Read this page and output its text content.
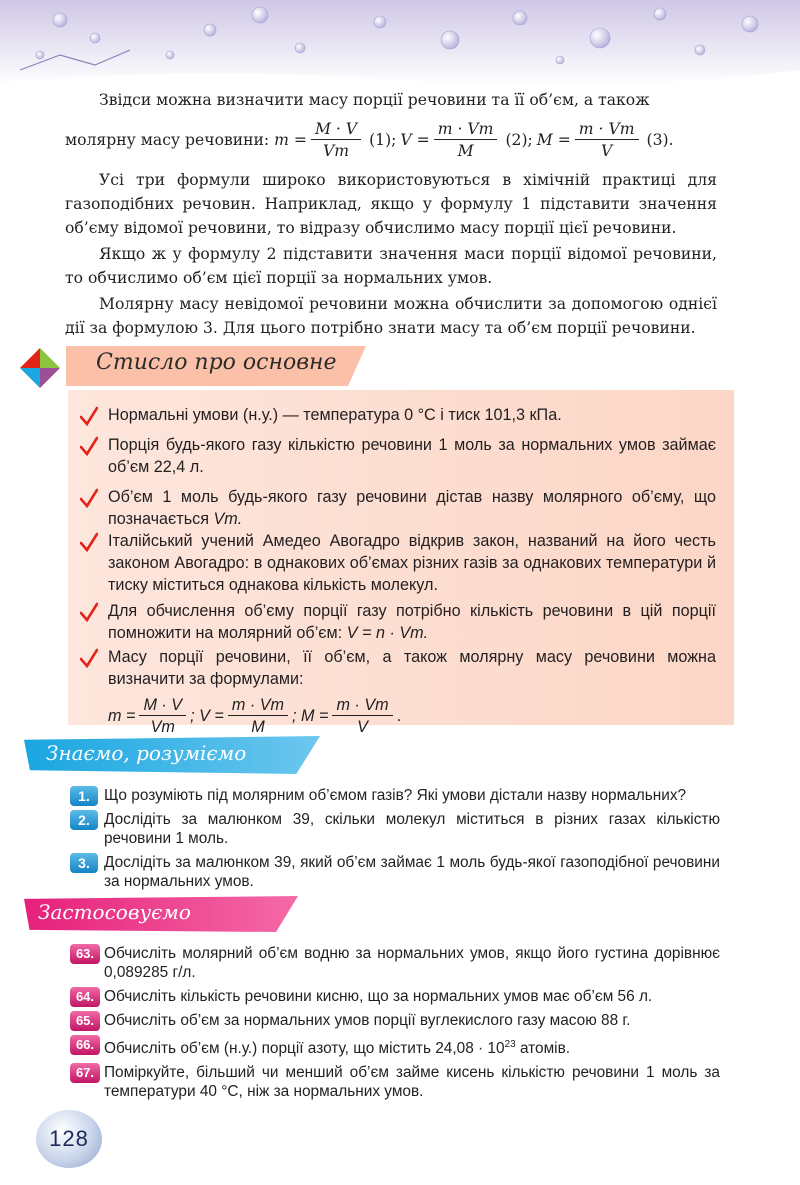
Звідси можна визначити масу порції речовини та її об’єм, а також

молярну масу речовини:
$m = \frac{M \cdot V}{Vm} (1)$; $V = \frac{m \cdot Vm}{M} (2)$; $M = \frac{m \cdot Vm}{V} (3)$.

Усі три формули широко використовуються в хімічній практиці для газоподібних речовин. Наприклад, якщо у формулу 1 підставити значення об’єму відомої речовини, то відразу обчислимо масу порції цієї речовини.

Якщо ж у формулу 2 підставити значення маси порції відомої речовини, то обчислимо об’єм цієї порції за нормальних умов.

Молярну масу невідомої речовини можна обчислити за допомогою однієї дії за формулою 3. Для цього потрібно знати масу та об’єм порції речовини.

Стисло про основне
Нормальні умови (н.у.) — температура 0 °С і тиск 101,3 кПа.
Порція будь-якого газу кількістю речовини 1 моль за нормальних умов займає об’єм 22,4 л.
Об’єм 1 моль будь-якого газу речовини дістав назву молярного об’єму, що позначається Vm.
Італійський учений Амедео Авогадро відкрив закон, названий на його честь законом Авогадро: в однакових об’ємах різних газів за однакових температури й тиску міститься однакова кількість молекул.
Для обчислення об’єму порції газу потрібно кількість речовини в цій порції помножити на молярний об’єм: V = n · Vm.
Масу порції речовини, її об’єм, а також молярну масу речовини можна визначити за формулами:
$m = \frac{M \cdot V}{Vm}$ ; $V = \frac{m \cdot Vm}{M}$ ; $M = \frac{m \cdot Vm}{V}$ .
Знаємо, розуміємо
1. Що розуміють під молярним об’ємом газів? Які умови дістали назву нормальних?
2. Дослідіть за малюнком 39, скільки молекул міститься в різних газах кількістю речовини 1 моль.
3. Дослідіть за малюнком 39, який об’єм займає 1 моль будь-якої газоподібної речовини за нормальних умов.
Застосовуємо
63. Обчисліть молярний об’єм водню за нормальних умов, якщо його густина дорівнює 0,089285 г/л.
64. Обчисліть кількість речовини кисню, що за нормальних умов має об’єм 56 л.
65. Обчисліть об’єм за нормальних умов порції вуглекислого газу масою 88 г.
66. Обчисліть об’єм (н.у.) порції азоту, що містить $24,08 \cdot 10^{23}$ атомів.
67. Поміркуйте, більший чи менший об’єм займе кисень кількістю речовини 1 моль за температури 40 °С, ніж за нормальних умов.
128
